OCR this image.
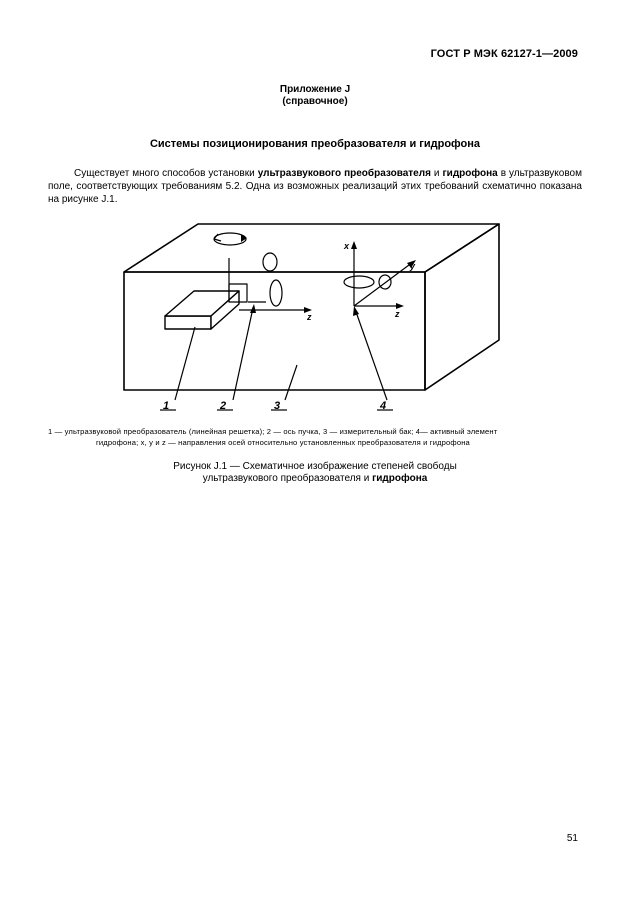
ГОСТ Р МЭК 62127-1—2009
Приложение J
(справочное)
Системы позиционирования преобразователя и гидрофона
Существует много способов установки ультразвукового преобразователя и гидрофона в ультразвуковом поле, соответствующих требованиям 5.2. Одна из возможных реализаций этих требований схематично показана на рисунке J.1.
x
y
z
z
1	2	3	4
1 — ультразвуковой преобразователь (линейная решетка); 2 — ось пучка, 3 — измерительный бак; 4— активный элемент
гидрофона; x, y и z — направления осей относительно установленных преобразователя и гидрофона
Рисунок J.1 — Схематичное изображение степеней свободы
ультразвукового преобразователя и гидрофона
51
